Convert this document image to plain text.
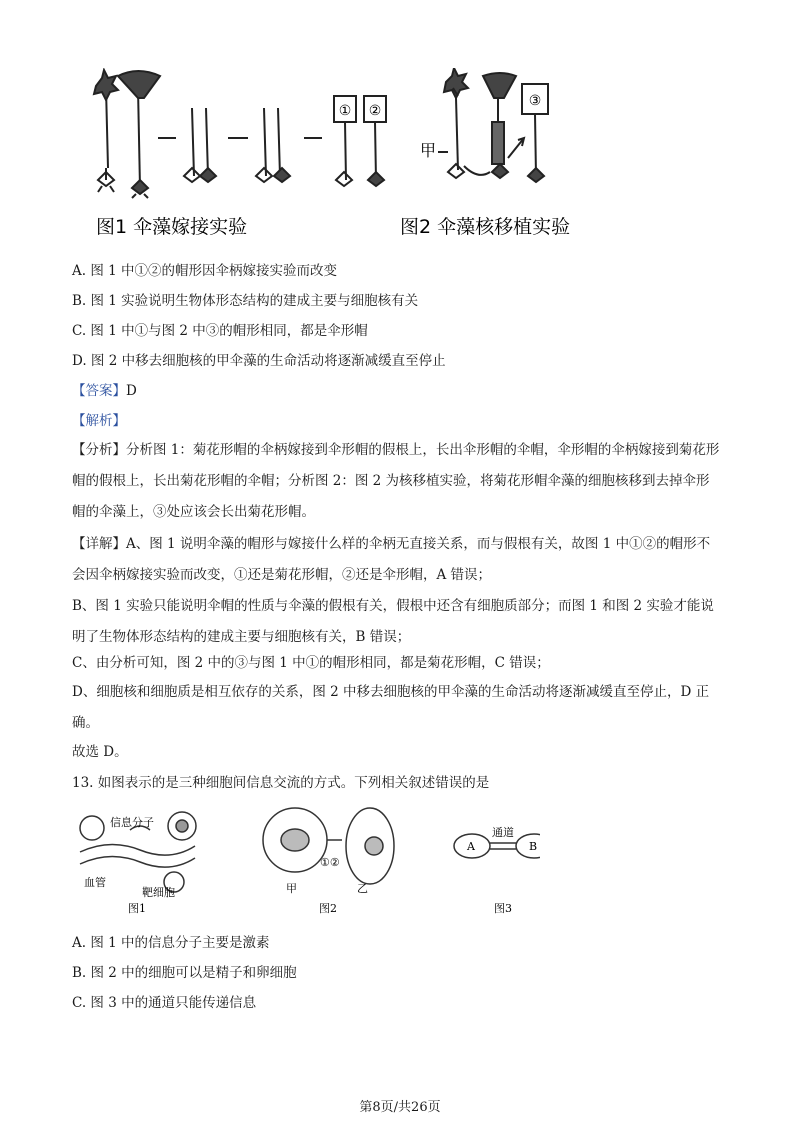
① ②
③
甲
图1 伞藻嫁接实验	图2 伞藻核移植实验
A. 图 1 中①②的帽形因伞柄嫁接实验而改变
B. 图 1 实验说明生物体形态结构的建成主要与细胞核有关
C. 图 1 中①与图 2 中③的帽形相同，都是伞形帽
D. 图 2 中移去细胞核的甲伞藻的生命活动将逐渐减缓直至停止
【答案】D
【解析】
【分析】分析图 1：菊花形帽的伞柄嫁接到伞形帽的假根上，长出伞形帽的伞帽，伞形帽的伞柄嫁接到菊花形帽的假根上，长出菊花形帽的伞帽；分析图 2：图 2 为核移植实验，将菊花形帽伞藻的细胞核移到去掉伞形帽的伞藻上，③处应该会长出菊花形帽。
【详解】A、图 1 说明伞藻的帽形与嫁接什么样的伞柄无直接关系，而与假根有关，故图 1 中①②的帽形不会因伞柄嫁接实验而改变，①还是菊花形帽，②还是伞形帽，A 错误；
B、图 1 实验只能说明伞帽的性质与伞藻的假根有关，假根中还含有细胞质部分；而图 1 和图 2 实验才能说明了生物体形态结构的建成主要与细胞核有关，B 错误；
C、由分析可知，图 2 中的③与图 1 中①的帽形相同，都是菊花形帽，C 错误；
D、细胞核和细胞质是相互依存的关系，图 2 中移去细胞核的甲伞藻的生命活动将逐渐减缓直至停止，D 正确。
故选 D。
13. 如图表示的是三种细胞间信息交流的方式。下列相关叙述错误的是
信息分子
血管
靶细胞
图1
甲	乙
①②
图2
通道
A	B
图3
A. 图 1 中的信息分子主要是激素
B. 图 2 中的细胞可以是精子和卵细胞
C. 图 3 中的通道只能传递信息
第8页/共26页
